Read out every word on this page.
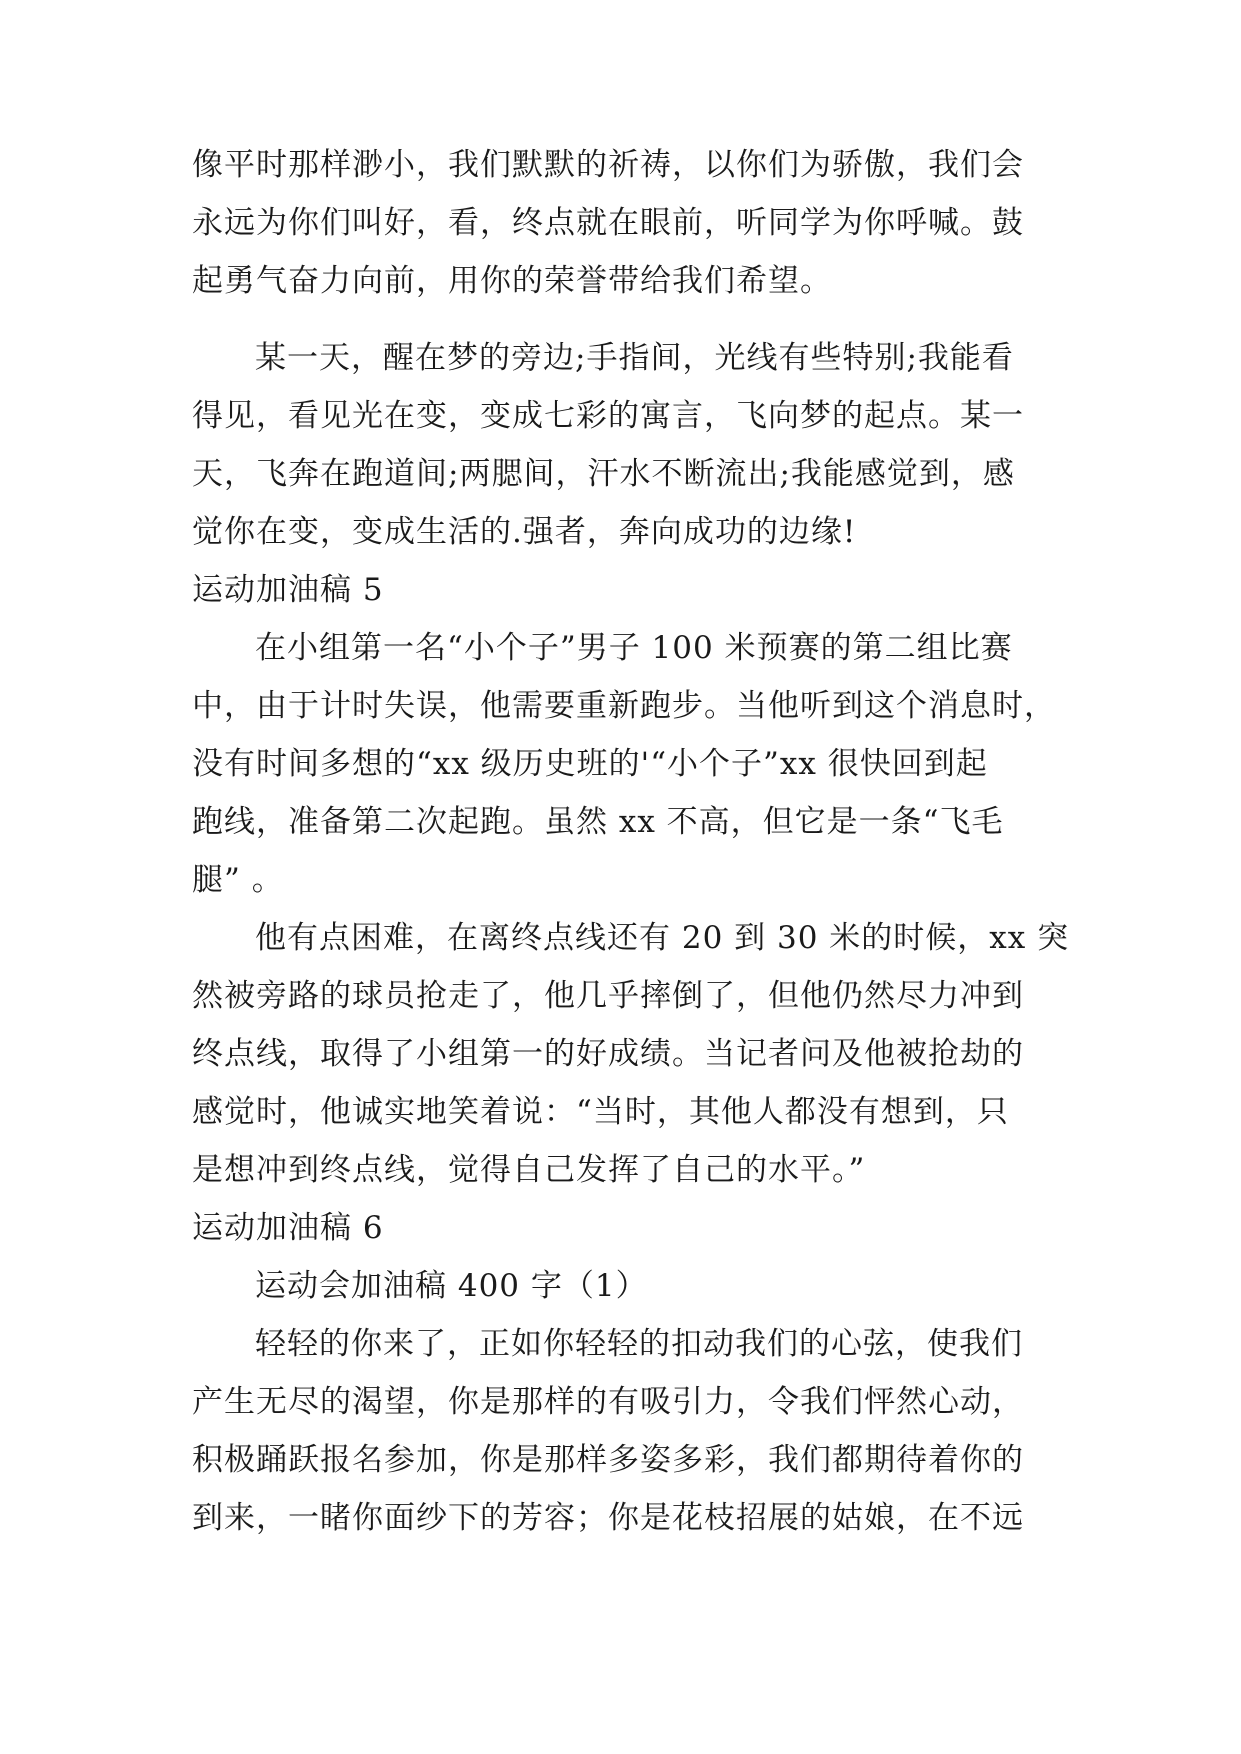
像平时那样渺小，我们默默的祈祷，以你们为骄傲，我们会
永远为你们叫好，看，终点就在眼前，听同学为你呼喊。鼓
起勇气奋力向前，用你的荣誉带给我们希望。
某一天，醒在梦的旁边;手指间，光线有些特别;我能看
得见，看见光在变，变成七彩的寓言，飞向梦的起点。某一
天，飞奔在跑道间;两腮间，汗水不断流出;我能感觉到，感
觉你在变，变成生活的.强者，奔向成功的边缘!
运动加油稿 5
在小组第一名“小个子”男子 100 米预赛的第二组比赛
中，由于计时失误，他需要重新跑步。当他听到这个消息时，
没有时间多想的“xx 级历史班的'“小个子”xx 很快回到起
跑线，准备第二次起跑。虽然 xx 不高，但它是一条“飞毛
腿” 。
他有点困难，在离终点线还有 20 到 30 米的时候，xx 突
然被旁路的球员抢走了，他几乎摔倒了，但他仍然尽力冲到
终点线，取得了小组第一的好成绩。当记者问及他被抢劫的
感觉时，他诚实地笑着说：“当时，其他人都没有想到，只
是想冲到终点线，觉得自己发挥了自己的水平。”
运动加油稿 6
运动会加油稿 400 字（1）
轻轻的你来了，正如你轻轻的扣动我们的心弦，使我们
产生无尽的渴望，你是那样的有吸引力，令我们怦然心动，
积极踊跃报名参加，你是那样多姿多彩，我们都期待着你的
到来，一睹你面纱下的芳容；你是花枝招展的姑娘，在不远
